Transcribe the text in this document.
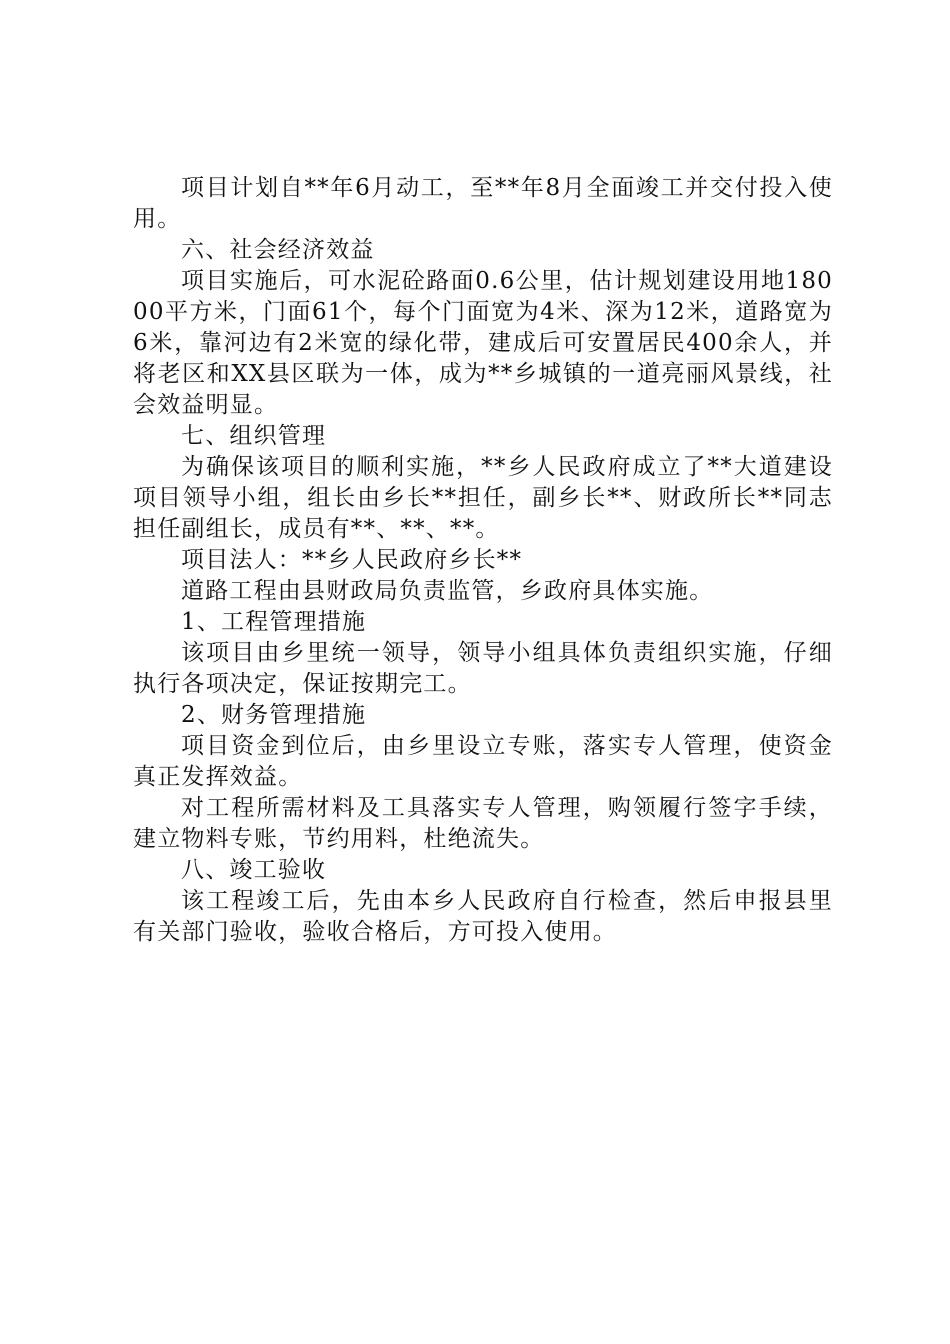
项目计划自**年6月动工，至**年8月全面竣工并交付投入使用。

六、社会经济效益

项目实施后，可水泥砼路面0.6公里，估计规划建设用地18000平方米，门面61个，每个门面宽为4米、深为12米，道路宽为6米，靠河边有2米宽的绿化带，建成后可安置居民400余人，并将老区和XX县区联为一体，成为**乡城镇的一道亮丽风景线，社会效益明显。

七、组织管理

为确保该项目的顺利实施，**乡人民政府成立了**大道建设项目领导小组，组长由乡长**担任，副乡长**、财政所长**同志担任副组长，成员有**、**、**。

项目法人：**乡人民政府乡长**

道路工程由县财政局负责监管，乡政府具体实施。

1、工程管理措施

该项目由乡里统一领导，领导小组具体负责组织实施，仔细执行各项决定，保证按期完工。

2、财务管理措施

项目资金到位后，由乡里设立专账，落实专人管理，使资金真正发挥效益。

对工程所需材料及工具落实专人管理，购领履行签字手续，建立物料专账，节约用料，杜绝流失。

八、竣工验收

该工程竣工后，先由本乡人民政府自行检查，然后申报县里有关部门验收，验收合格后，方可投入使用。
